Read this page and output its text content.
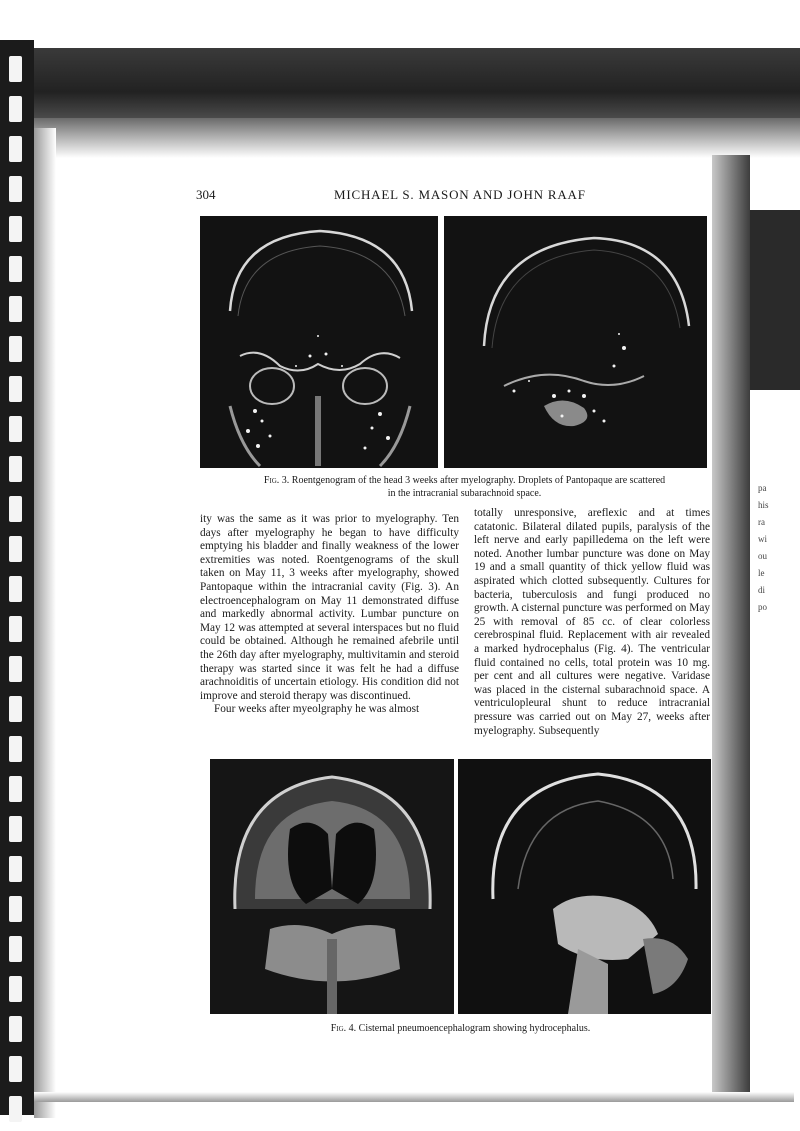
pa
his
ra
wi
ou
le
di
po
304	MICHAEL S. MASON AND JOHN RAAF
Fig. 3. Roentgenogram of the head 3 weeks after myelography. Droplets of Pantopaque are scattered
in the intracranial subarachnoid space.

ity was the same as it was prior to myelography. Ten days after myelography he began to have difficulty emptying his bladder and finally weakness of the lower extremities was noted. Roentgenograms of the skull taken on May 11, 3 weeks after myelography, showed Pantopaque within the intracranial cavity (Fig. 3). An electroencephalogram on May 11 demonstrated diffuse and markedly abnormal activity. Lumbar puncture on May 12 was attempted at several interspaces but no fluid could be obtained. Although he remained afebrile until the 26th day after myelography, multivitamin and steroid therapy was started since it was felt he had a diffuse arachnoiditis of uncertain etiology. His condition did not improve and steroid therapy was discontinued.

Four weeks after myeolgraphy he was almost

totally unresponsive, areflexic and at times catatonic. Bilateral dilated pupils, paralysis of the left nerve and early papilledema on the left were noted. Another lumbar puncture was done on May 19 and a small quantity of thick yellow fluid was aspirated which clotted subsequently. Cultures for bacteria, tuberculosis and fungi produced no growth. A cisternal puncture was performed on May 25 with removal of 85 cc. of clear colorless cerebrospinal fluid. Replacement with air revealed a marked hydrocephalus (Fig. 4). The ventricular fluid contained no cells, total protein was 10 mg. per cent and all cultures were negative. Varidase was placed in the cisternal subarachnoid space. A ventriculopleural shunt to reduce intracranial pressure was carried out on May 27, weeks after myelography. Subsequently

Fig. 4. Cisternal pneumoencephalogram showing hydrocephalus.
